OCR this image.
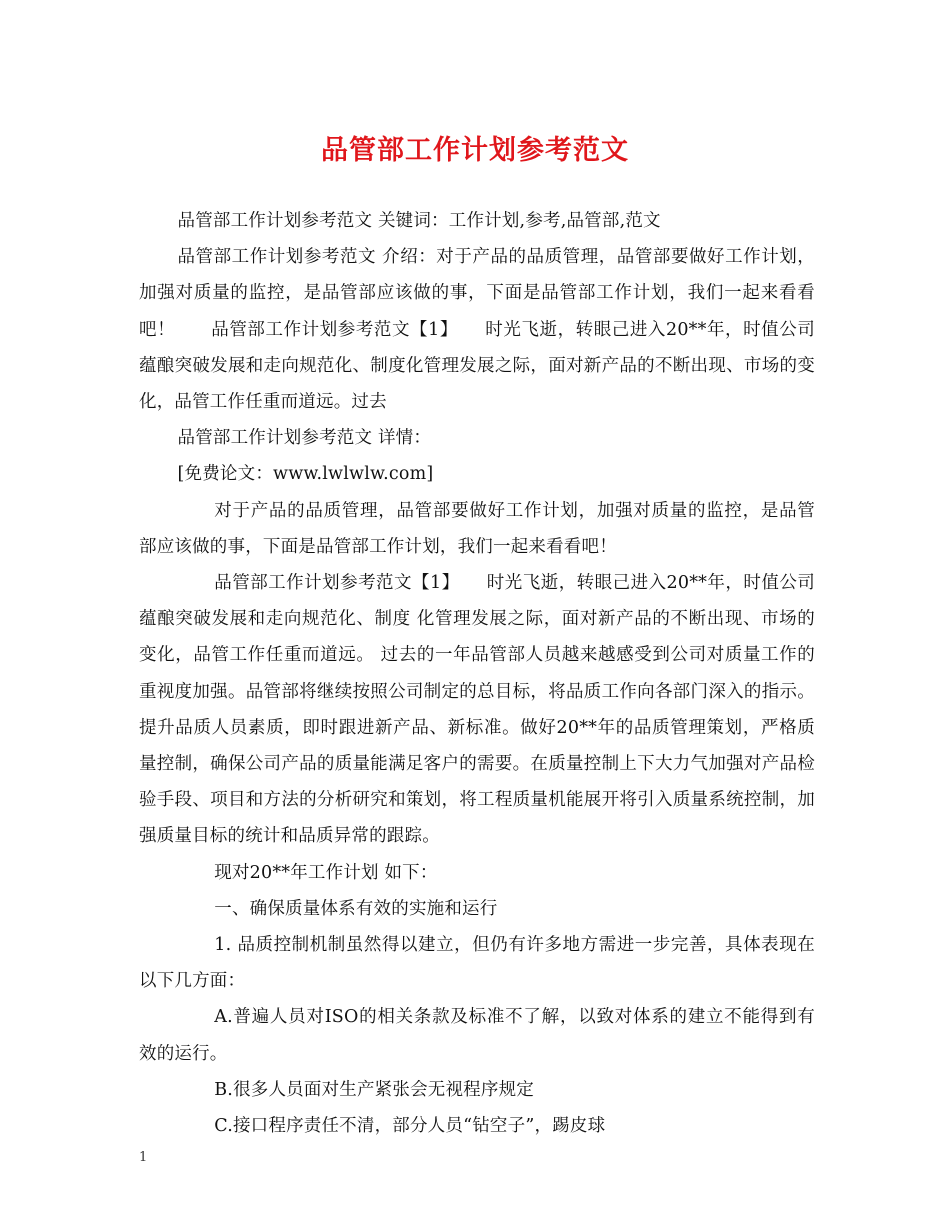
品管部工作计划参考范文

品管部工作计划参考范文 关键词：工作计划,参考,品管部,范文

品管部工作计划参考范文 介绍：对于产品的品质管理，品管部要做好工作计划，加强对质量的监控，是品管部应该做的事，下面是品管部工作计划，我们一起来看看吧！　　品管部工作计划参考范文【1】　　时光飞逝，转眼己进入20**年，时值公司蕴酿突破发展和走向规范化、制度化管理发展之际，面对新产品的不断出现、市场的变化，品管工作任重而道远。过去

品管部工作计划参考范文 详情：

[免费论文：www.lwlwlw.com]

对于产品的品质管理，品管部要做好工作计划，加强对质量的监控，是品管部应该做的事，下面是品管部工作计划，我们一起来看看吧！

品管部工作计划参考范文【1】　　时光飞逝，转眼己进入20**年，时值公司蕴酿突破发展和走向规范化、制度 化管理发展之际，面对新产品的不断出现、市场的变化，品管工作任重而道远。 过去的一年品管部人员越来越感受到公司对质量工作的重视度加强。品管部将继续按照公司制定的总目标，将品质工作向各部门深入的指示。提升品质人员素质，即时跟进新产品、新标准。做好20**年的品质管理策划，严格质量控制，确保公司产品的质量能满足客户的需要。在质量控制上下大力气加强对产品检验手段、项目和方法的分析研究和策划，将工程质量机能展开将引入质量系统控制，加强质量目标的统计和品质异常的跟踪。

现对20**年工作计划 如下：

一、确保质量体系有效的实施和运行

1. 品质控制机制虽然得以建立，但仍有许多地方需进一步完善，具体表现在以下几方面：

A.普遍人员对ISO的相关条款及标准不了解，以致对体系的建立不能得到有效的运行。

B.很多人员面对生产紧张会无视程序规定

C.接口程序责任不清，部分人员“钻空子”，踢皮球

1
